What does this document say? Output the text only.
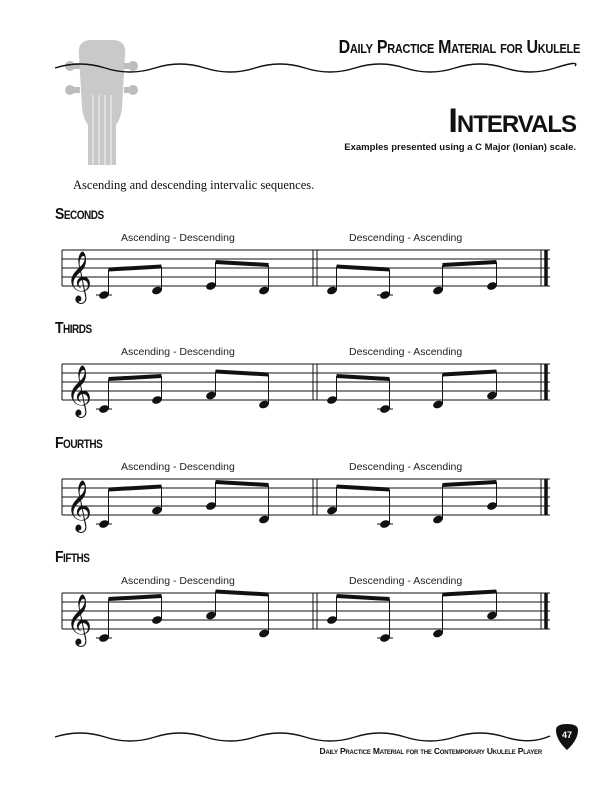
Daily Practice Material for Ukulele
Intervals
Examples presented using a C Major (Ionian) scale.
Ascending and descending intervalic sequences.
Seconds
Ascending - Descending	Descending - Ascending
𝄞
Thirds
Ascending - Descending	Descending - Ascending
𝄞
Fourths
Ascending - Descending	Descending - Ascending
𝄞
Fifths
Ascending - Descending	Descending - Ascending
𝄞
Daily Practice Material for the Contemporary Ukulele Player
47
